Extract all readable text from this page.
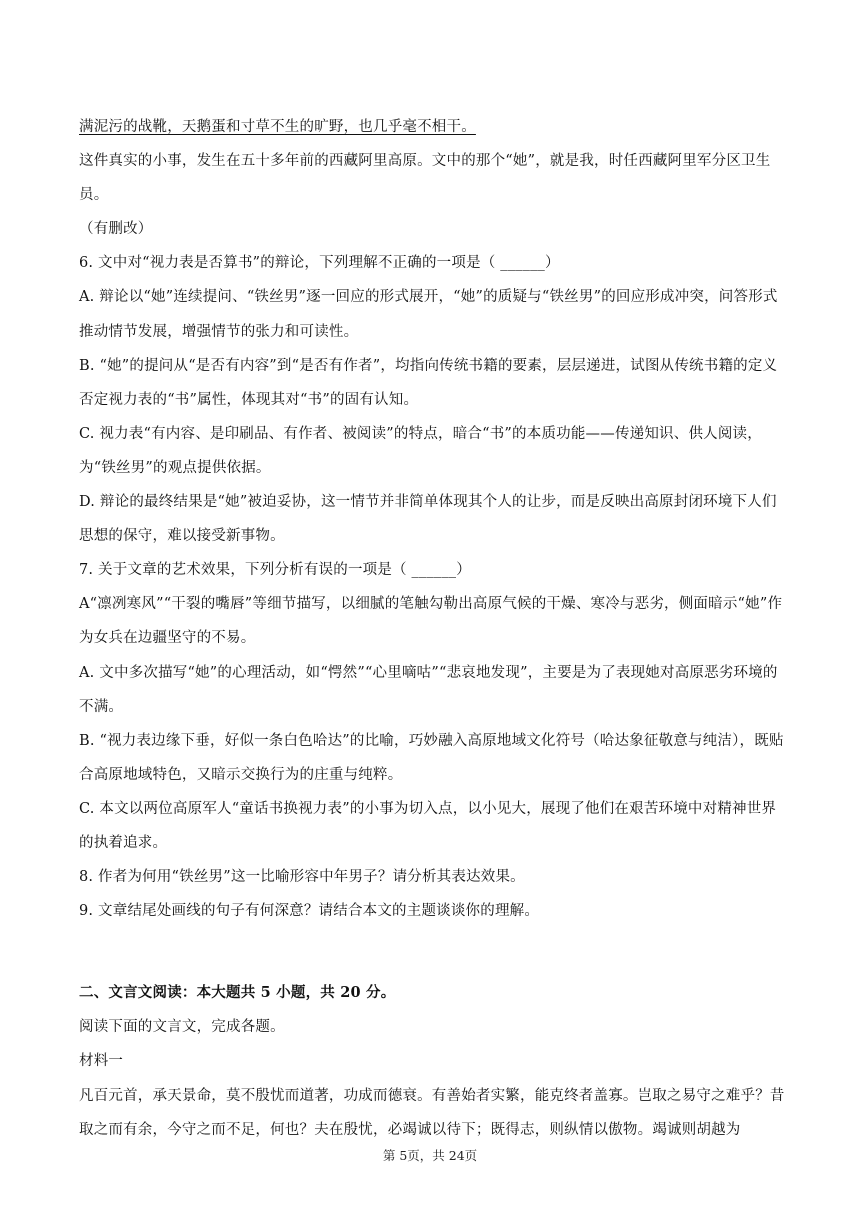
满泥污的战靴，天鹅蛋和寸草不生的旷野，也几乎毫不相干。

这件真实的小事，发生在五十多年前的西藏阿里高原。文中的那个“她”，就是我，时任西藏阿里军分区卫生员。

（有删改）

6. 文中对“视力表是否算书”的辩论，下列理解不正确的一项是（ ______）

A. 辩论以“她”连续提问、“铁丝男”逐一回应的形式展开，“她”的质疑与“铁丝男”的回应形成冲突，问答形式推动情节发展，增强情节的张力和可读性。

B. “她”的提问从“是否有内容”到“是否有作者”，均指向传统书籍的要素，层层递进，试图从传统书籍的定义否定视力表的“书”属性，体现其对“书”的固有认知。

C. 视力表“有内容、是印刷品、有作者、被阅读”的特点，暗合“书”的本质功能——传递知识、供人阅读，为“铁丝男”的观点提供依据。

D. 辩论的最终结果是“她”被迫妥协，这一情节并非简单体现其个人的让步，而是反映出高原封闭环境下人们思想的保守，难以接受新事物。

7. 关于文章的艺术效果，下列分析有误的一项是（ ______）

A“凛冽寒风”“干裂的嘴唇”等细节描写，以细腻的笔触勾勒出高原气候的干燥、寒冷与恶劣，侧面暗示“她”作为女兵在边疆坚守的不易。

A. 文中多次描写“她”的心理活动，如“愕然”“心里嘀咕”“悲哀地发现”，主要是为了表现她对高原恶劣环境的不满。

B. “视力表边缘下垂，好似一条白色哈达”的比喻，巧妙融入高原地域文化符号（哈达象征敬意与纯洁），既贴合高原地域特色，又暗示交换行为的庄重与纯粹。

C. 本文以两位高原军人“童话书换视力表”的小事为切入点，以小见大，展现了他们在艰苦环境中对精神世界的执着追求。

8. 作者为何用“铁丝男”这一比喻形容中年男子？请分析其表达效果。

9. 文章结尾处画线的句子有何深意？请结合本文的主题谈谈你的理解。

二、文言文阅读：本大题共 5 小题，共 20 分。

阅读下面的文言文，完成各题。

材料一

凡百元首，承天景命，莫不殷忧而道著，功成而德衰。有善始者实繁，能克终者盖寡。岂取之易守之难乎？昔取之而有余，今守之而不足，何也？夫在殷忧，必竭诚以待下；既得志，则纵情以傲物。竭诚则胡越为

第 5页，共 24页
